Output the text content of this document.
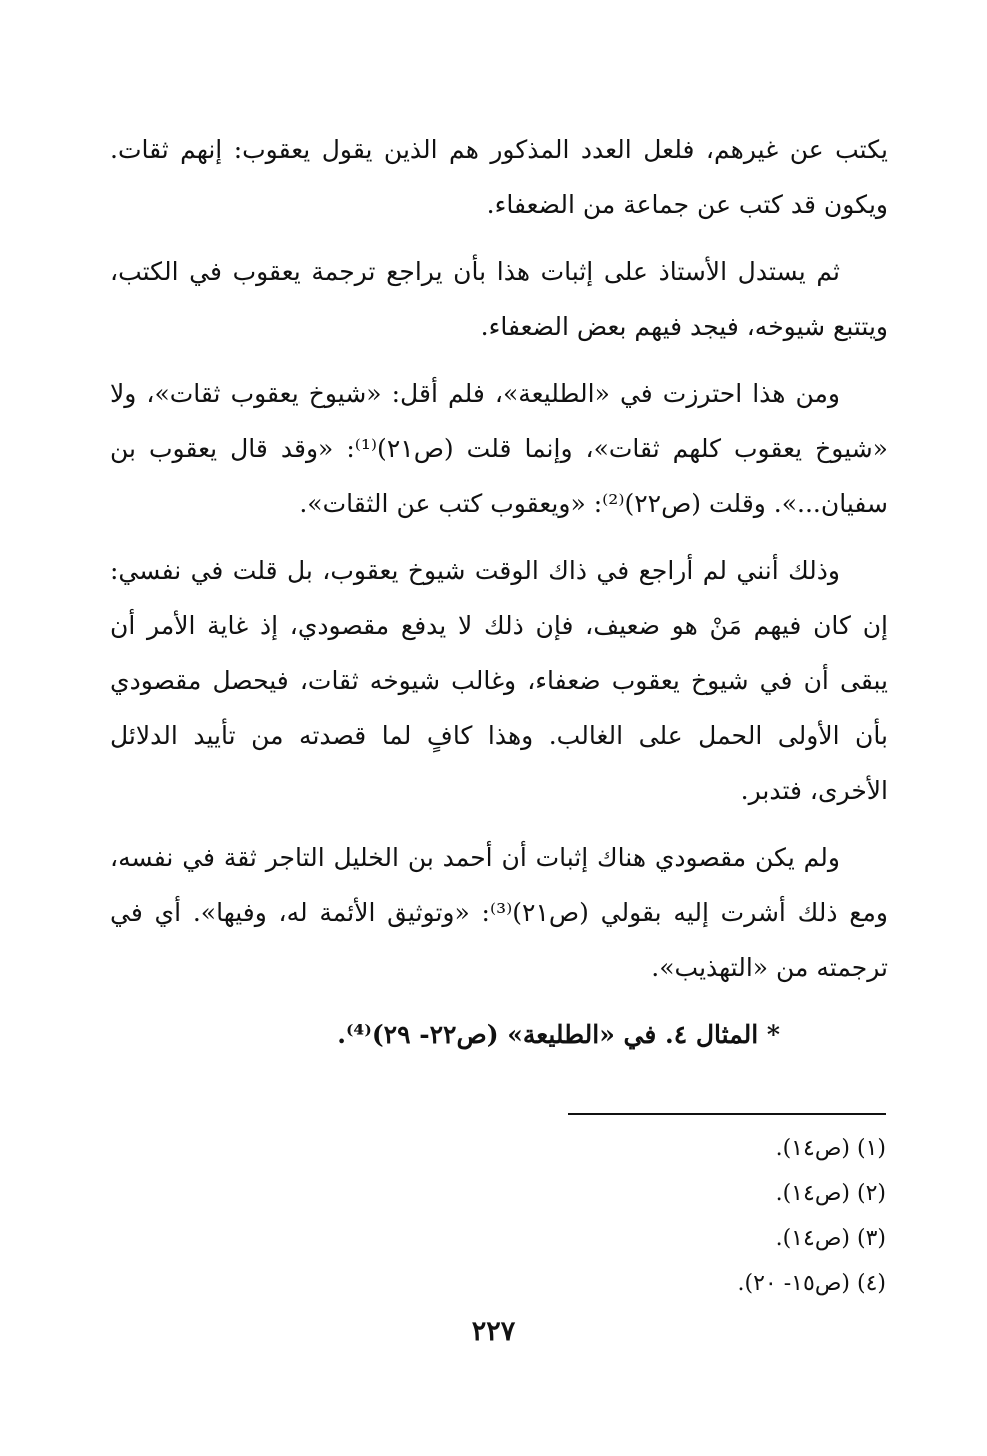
يكتب عن غيرهم، فلعل العدد المذكور هم الذين يقول يعقوب: إنهم ثقات. ويكون قد كتب عن جماعة من الضعفاء.

ثم يستدل الأستاذ على إثبات هذا بأن يراجع ترجمة يعقوب في الكتب، ويتتبع شيوخه، فيجد فيهم بعض الضعفاء.

ومن هذا احترزت في «الطليعة»، فلم أقل: «شيوخ يعقوب ثقات»، ولا «شيوخ يعقوب كلهم ثقات»، وإنما قلت (ص٢١)⁽¹⁾: «وقد قال يعقوب بن سفيان...». وقلت (ص٢٢)⁽²⁾: «ويعقوب كتب عن الثقات».

وذلك أنني لم أراجع في ذاك الوقت شيوخ يعقوب، بل قلت في نفسي: إن كان فيهم مَنْ هو ضعيف، فإن ذلك لا يدفع مقصودي، إذ غاية الأمر أن يبقى أن في شيوخ يعقوب ضعفاء، وغالب شيوخه ثقات، فيحصل مقصودي بأن الأولى الحمل على الغالب. وهذا كافٍ لما قصدته من تأييد الدلائل الأخرى، فتدبر.

ولم يكن مقصودي هناك إثبات أن أحمد بن الخليل التاجر ثقة في نفسه، ومع ذلك أشرت إليه بقولي (ص٢١)⁽³⁾: «وتوثيق الأئمة له، وفيها». أي في ترجمته من «التهذيب».

* المثال ٤. في «الطليعة» (ص٢٢- ٢٩)⁽⁴⁾.

(١) (ص١٤).
(٢) (ص١٤).
(٣) (ص١٤).
(٤) (ص١٥- ٢٠).
٢٢٧
